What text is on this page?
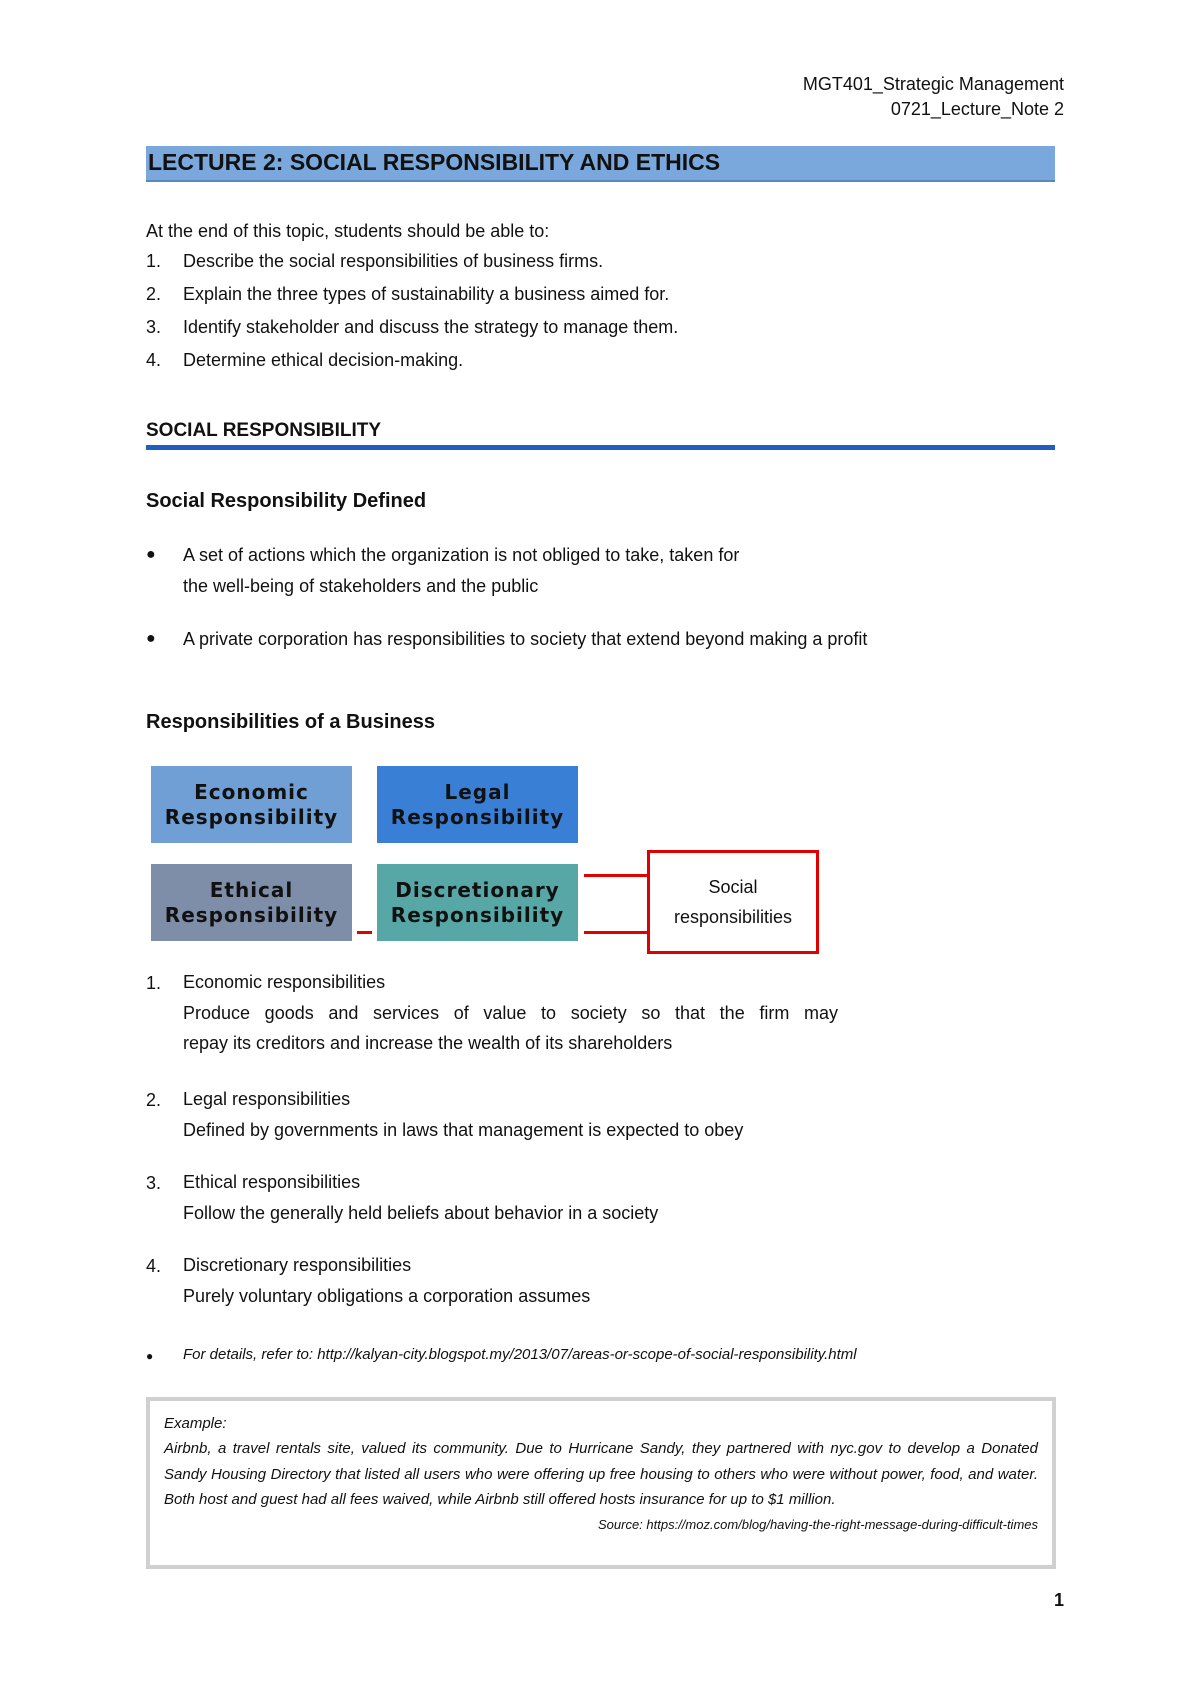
MGT401_Strategic Management
0721_Lecture_Note 2
LECTURE 2: SOCIAL RESPONSIBILITY AND ETHICS
At the end of this topic, students should be able to:
1. Describe the social responsibilities of business firms.
2. Explain the three types of sustainability a business aimed for.
3. Identify stakeholder and discuss the strategy to manage them.
4. Determine ethical decision-making.
SOCIAL RESPONSIBILITY
Social Responsibility Defined
● A set of actions which the organization is not obliged to take, taken for
the well-being of stakeholders and the public
● A private corporation has responsibilities to society that extend beyond making a profit
Responsibilities of a Business
Economic
Responsibility
Legal
Responsibility
Ethical
Responsibility
Discretionary
Responsibility
Social
responsibilities
1. Economic responsibilities
Produce goods and services of value to society so that the firm may
repay its creditors and increase the wealth of its shareholders
2. Legal responsibilities
Defined by governments in laws that management is expected to obey
3. Ethical responsibilities
Follow the generally held beliefs about behavior in a society
4. Discretionary responsibilities
Purely voluntary obligations a corporation assumes
● For details, refer to: http://kalyan-city.blogspot.my/2013/07/areas-or-scope-of-social-responsibility.html
Example:
Airbnb, a travel rentals site, valued its community. Due to Hurricane Sandy, they partnered with nyc.gov to develop a Donated Sandy Housing Directory that listed all users who were offering up free housing to others who were without power, food, and water. Both host and guest had all fees waived, while Airbnb still offered hosts insurance for up to $1 million.
Source: https://moz.com/blog/having-the-right-message-during-difficult-times
1
